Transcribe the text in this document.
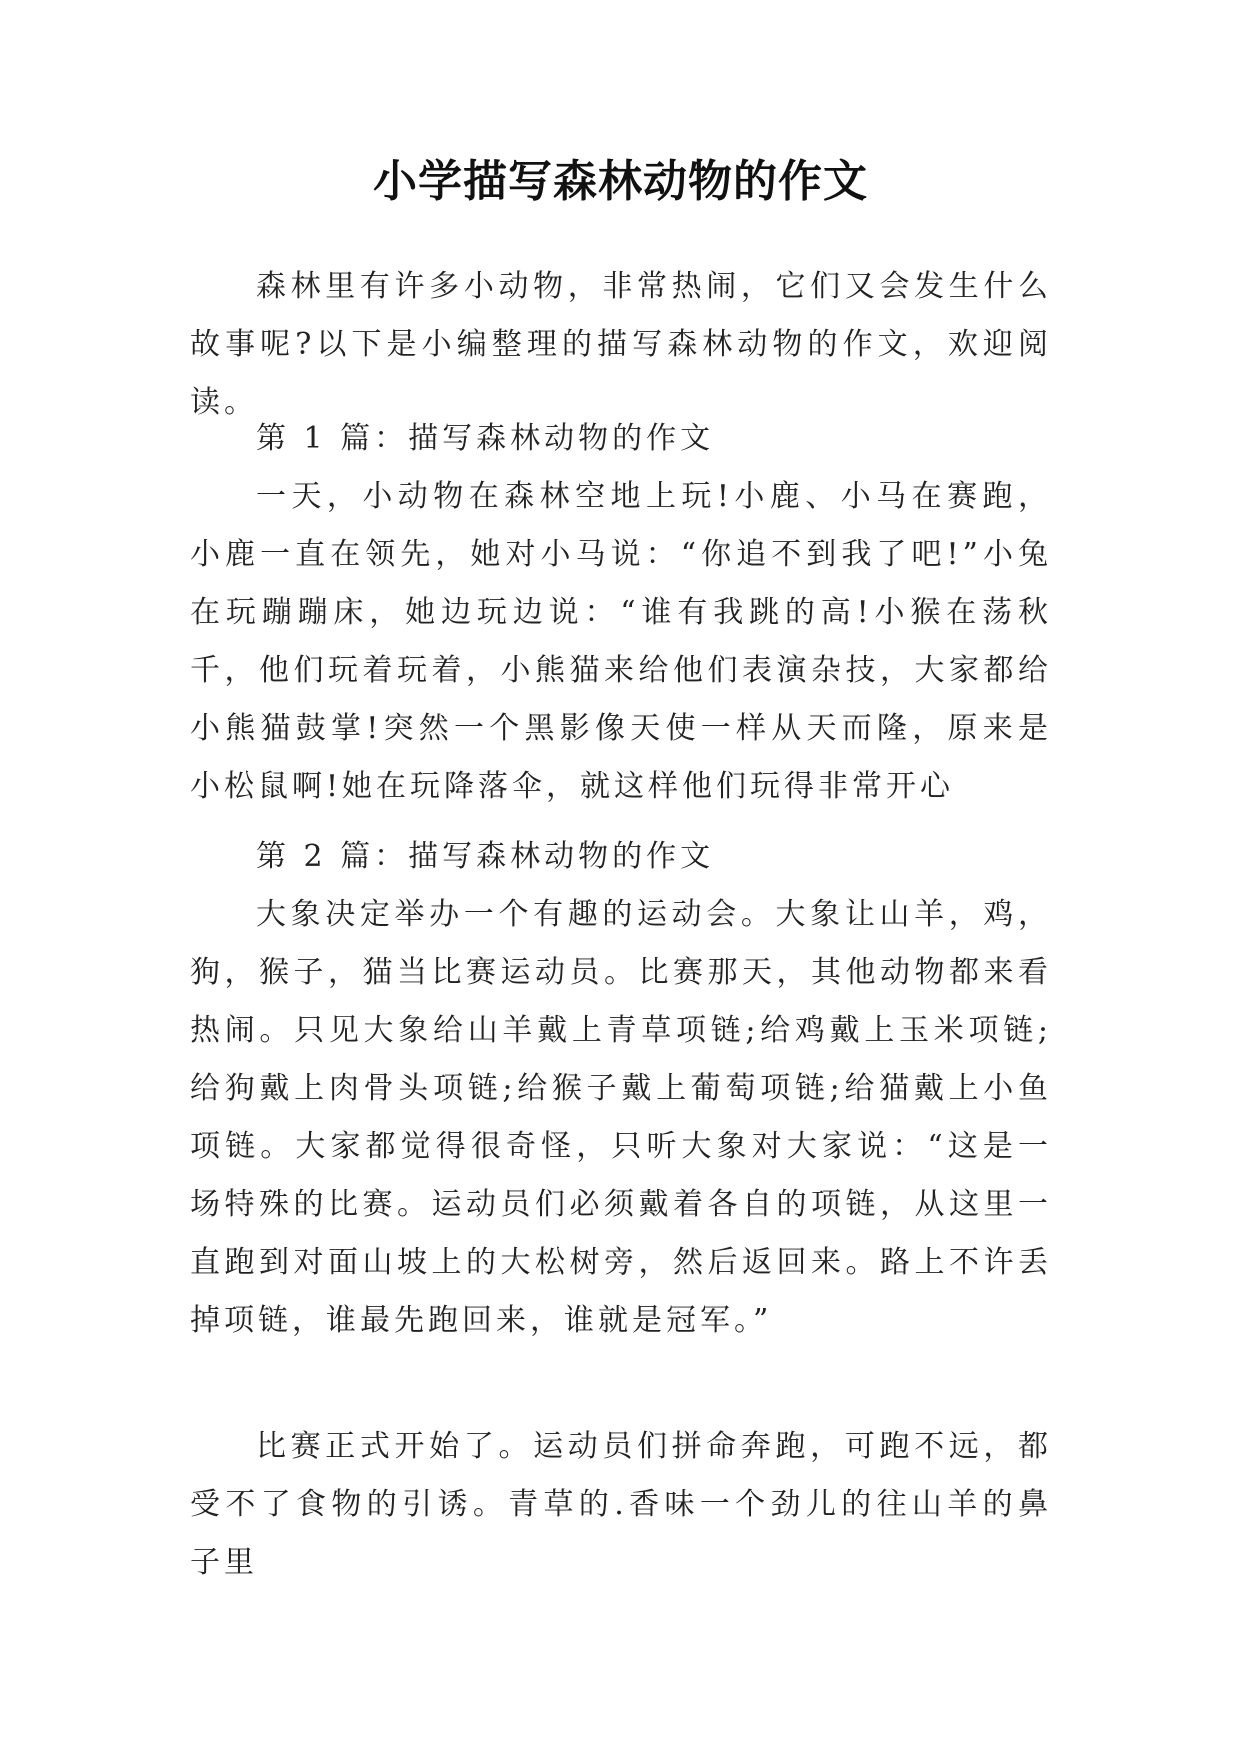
小学描写森林动物的作文
森林里有许多小动物，非常热闹，它们又会发生什么故事呢?以下是小编整理的描写森林动物的作文，欢迎阅读。
第 1 篇：描写森林动物的作文
一天，小动物在森林空地上玩!小鹿、小马在赛跑，小鹿一直在领先，她对小马说：“你追不到我了吧!”小兔在玩蹦蹦床，她边玩边说：“谁有我跳的高!小猴在荡秋千，他们玩着玩着，小熊猫来给他们表演杂技，大家都给小熊猫鼓掌!突然一个黑影像天使一样从天而隆，原来是小松鼠啊!她在玩降落伞，就这样他们玩得非常开心
第 2 篇：描写森林动物的作文
大象决定举办一个有趣的运动会。大象让山羊，鸡，狗，猴子，猫当比赛运动员。比赛那天，其他动物都来看热闹。只见大象给山羊戴上青草项链;给鸡戴上玉米项链;给狗戴上肉骨头项链;给猴子戴上葡萄项链;给猫戴上小鱼项链。大家都觉得很奇怪，只听大象对大家说：“这是一场特殊的比赛。运动员们必须戴着各自的项链，从这里一直跑到对面山坡上的大松树旁，然后返回来。路上不许丢掉项链，谁最先跑回来，谁就是冠军。”
比赛正式开始了。运动员们拼命奔跑，可跑不远，都受不了食物的引诱。青草的.香味一个劲儿的往山羊的鼻子里
